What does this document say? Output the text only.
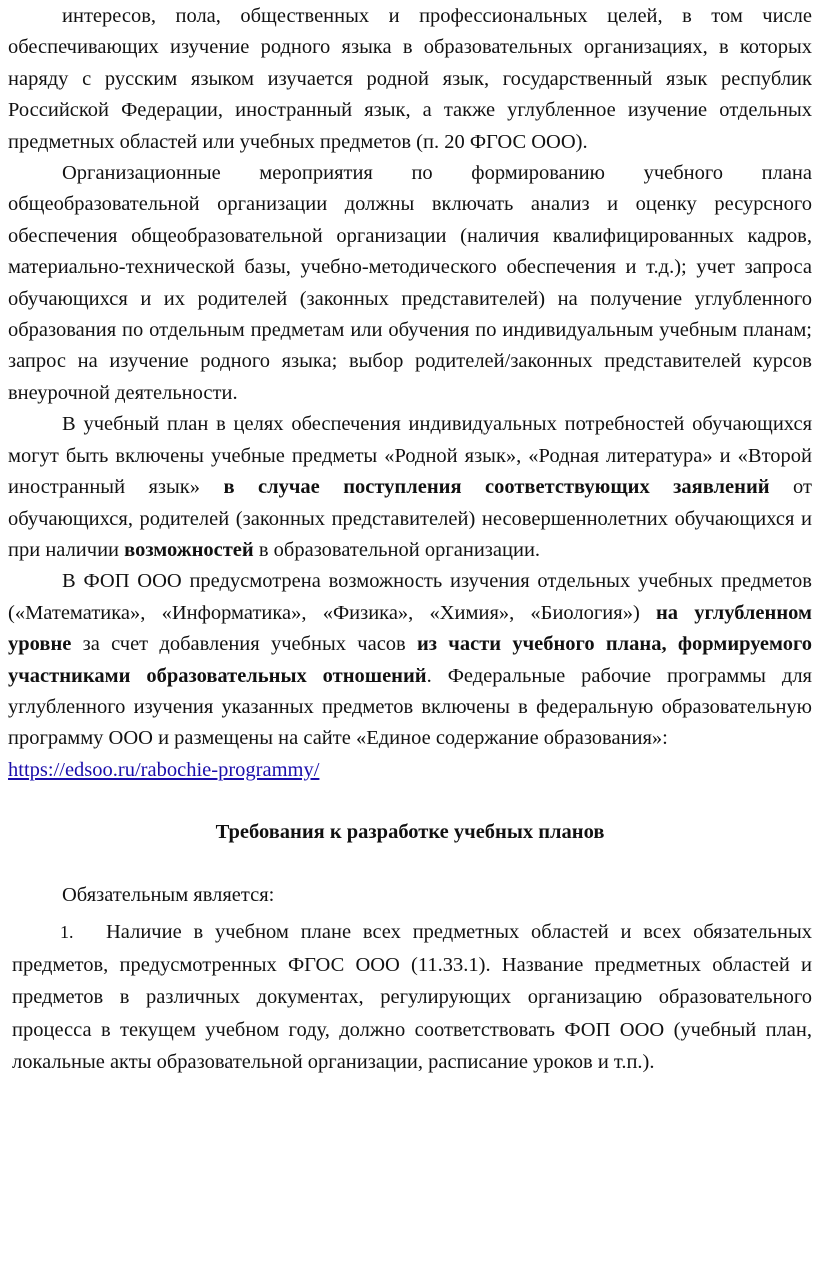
интересов, пола, общественных и профессиональных целей, в том числе обеспечивающих изучение родного языка в образовательных организациях, в которых наряду с русским языком изучается родной язык, государственный язык республик Российской Федерации, иностранный язык, а также углубленное изучение отдельных предметных областей или учебных предметов (п. 20 ФГОС ООО).

Организационные мероприятия по формированию учебного плана общеобразовательной организации должны включать анализ и оценку ресурсного обеспечения общеобразовательной организации (наличия квалифицированных кадров, материально-технической базы, учебно-методического обеспечения и т.д.); учет запроса обучающихся и их родителей (законных представителей) на получение углубленного образования по отдельным предметам или обучения по индивидуальным учебным планам; запрос на изучение родного языка; выбор родителей/законных представителей курсов внеурочной деятельности.

В учебный план в целях обеспечения индивидуальных потребностей обучающихся могут быть включены учебные предметы «Родной язык», «Родная литература» и «Второй иностранный язык» в случае поступления соответствующих заявлений от обучающихся, родителей (законных представителей) несовершеннолетних обучающихся и при наличии возможностей в образовательной организации.

В ФОП ООО предусмотрена возможность изучения отдельных учебных предметов («Математика», «Информатика», «Физика», «Химия», «Биология») на углубленном уровне за счет добавления учебных часов из части учебного плана, формируемого участниками образовательных отношений. Федеральные рабочие программы для углубленного изучения указанных предметов включены в федеральную образовательную программу ООО и размещены на сайте «Единое содержание образования»:

https://edsoo.ru/rabochie-programmy/

Требования к разработке учебных планов

Обязательным является:

1. Наличие в учебном плане всех предметных областей и всех обязательных предметов, предусмотренных ФГОС ООО (11.33.1). Название предметных областей и предметов в различных документах, регулирующих организацию образовательного процесса в текущем учебном году, должно соответствовать ФОП ООО (учебный план, локальные акты образовательной организации, расписание уроков и т.п.).
